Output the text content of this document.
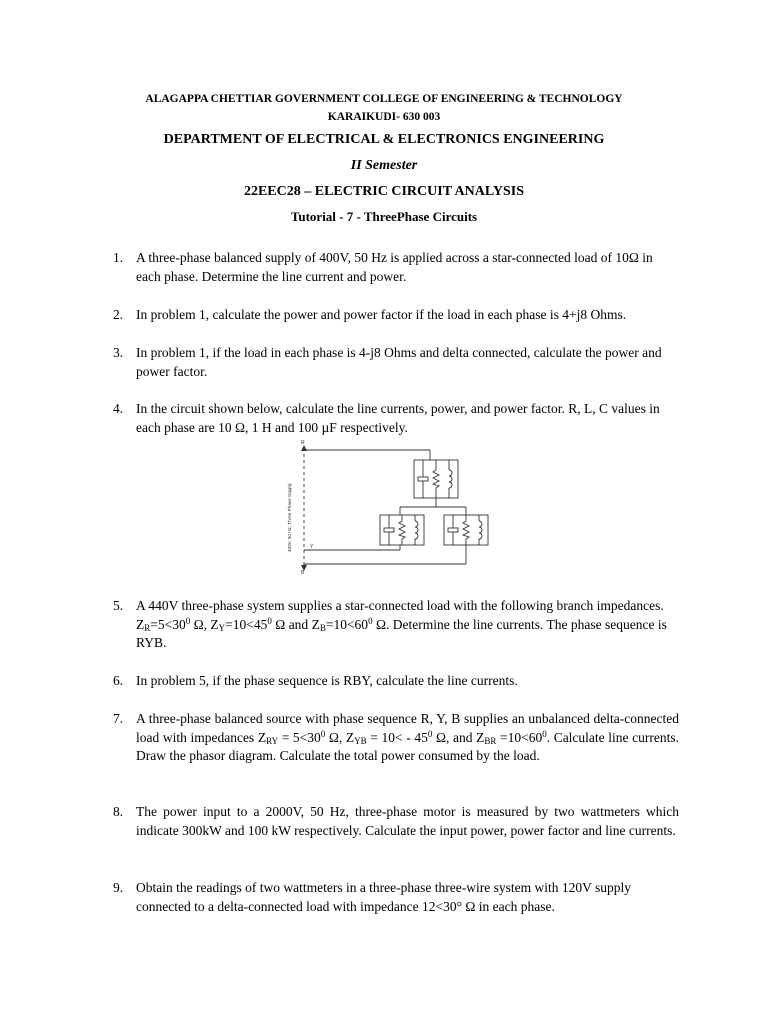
ALAGAPPA CHETTIAR GOVERNMENT COLLEGE OF ENGINEERING & TECHNOLOGY
KARAIKUDI- 630 003
DEPARTMENT OF ELECTRICAL & ELECTRONICS ENGINEERING
II Semester
22EEC28 – ELECTRIC CIRCUIT ANALYSIS
Tutorial - 7 - ThreePhase Circuits
1. A three-phase balanced supply of 400V, 50 Hz is applied across a star-connected load of 10Ω in each phase. Determine the line current and power.
2. In problem 1, calculate the power and power factor if the load in each phase is 4+j8 Ohms.
3. In problem 1, if the load in each phase is 4-j8 Ohms and delta connected, calculate the power and power factor.
4. In the circuit shown below, calculate the line currents, power, and power factor. R, L, C values in each phase are 10 Ω, 1 H and 100 µF respectively.
R
Y
B
400V, 50 Hz, Three Phase Supply
5. A 440V three-phase system supplies a star-connected load with the following branch impedances. $Z_R=5<30^0$ Ω, $Z_Y=10<45^0$ Ω and $Z_B=10<60^0$ Ω. Determine the line currents. The phase sequence is RYB.
6. In problem 5, if the phase sequence is RBY, calculate the line currents.
7. A three-phase balanced source with phase sequence R, Y, B supplies an unbalanced delta-connected load with impedances $Z_{RY} = 5<30^0$ Ω, $Z_{YB} = 10< - 45^0$ Ω, and $Z_{BR} =10<60^0$. Calculate line currents. Draw the phasor diagram. Calculate the total power consumed by the load.
8. The power input to a 2000V, 50 Hz, three-phase motor is measured by two wattmeters which indicate 300kW and 100 kW respectively. Calculate the input power, power factor and line currents.
9. Obtain the readings of two wattmeters in a three-phase three-wire system with 120V supply connected to a delta-connected load with impedance 12<30° Ω in each phase.
